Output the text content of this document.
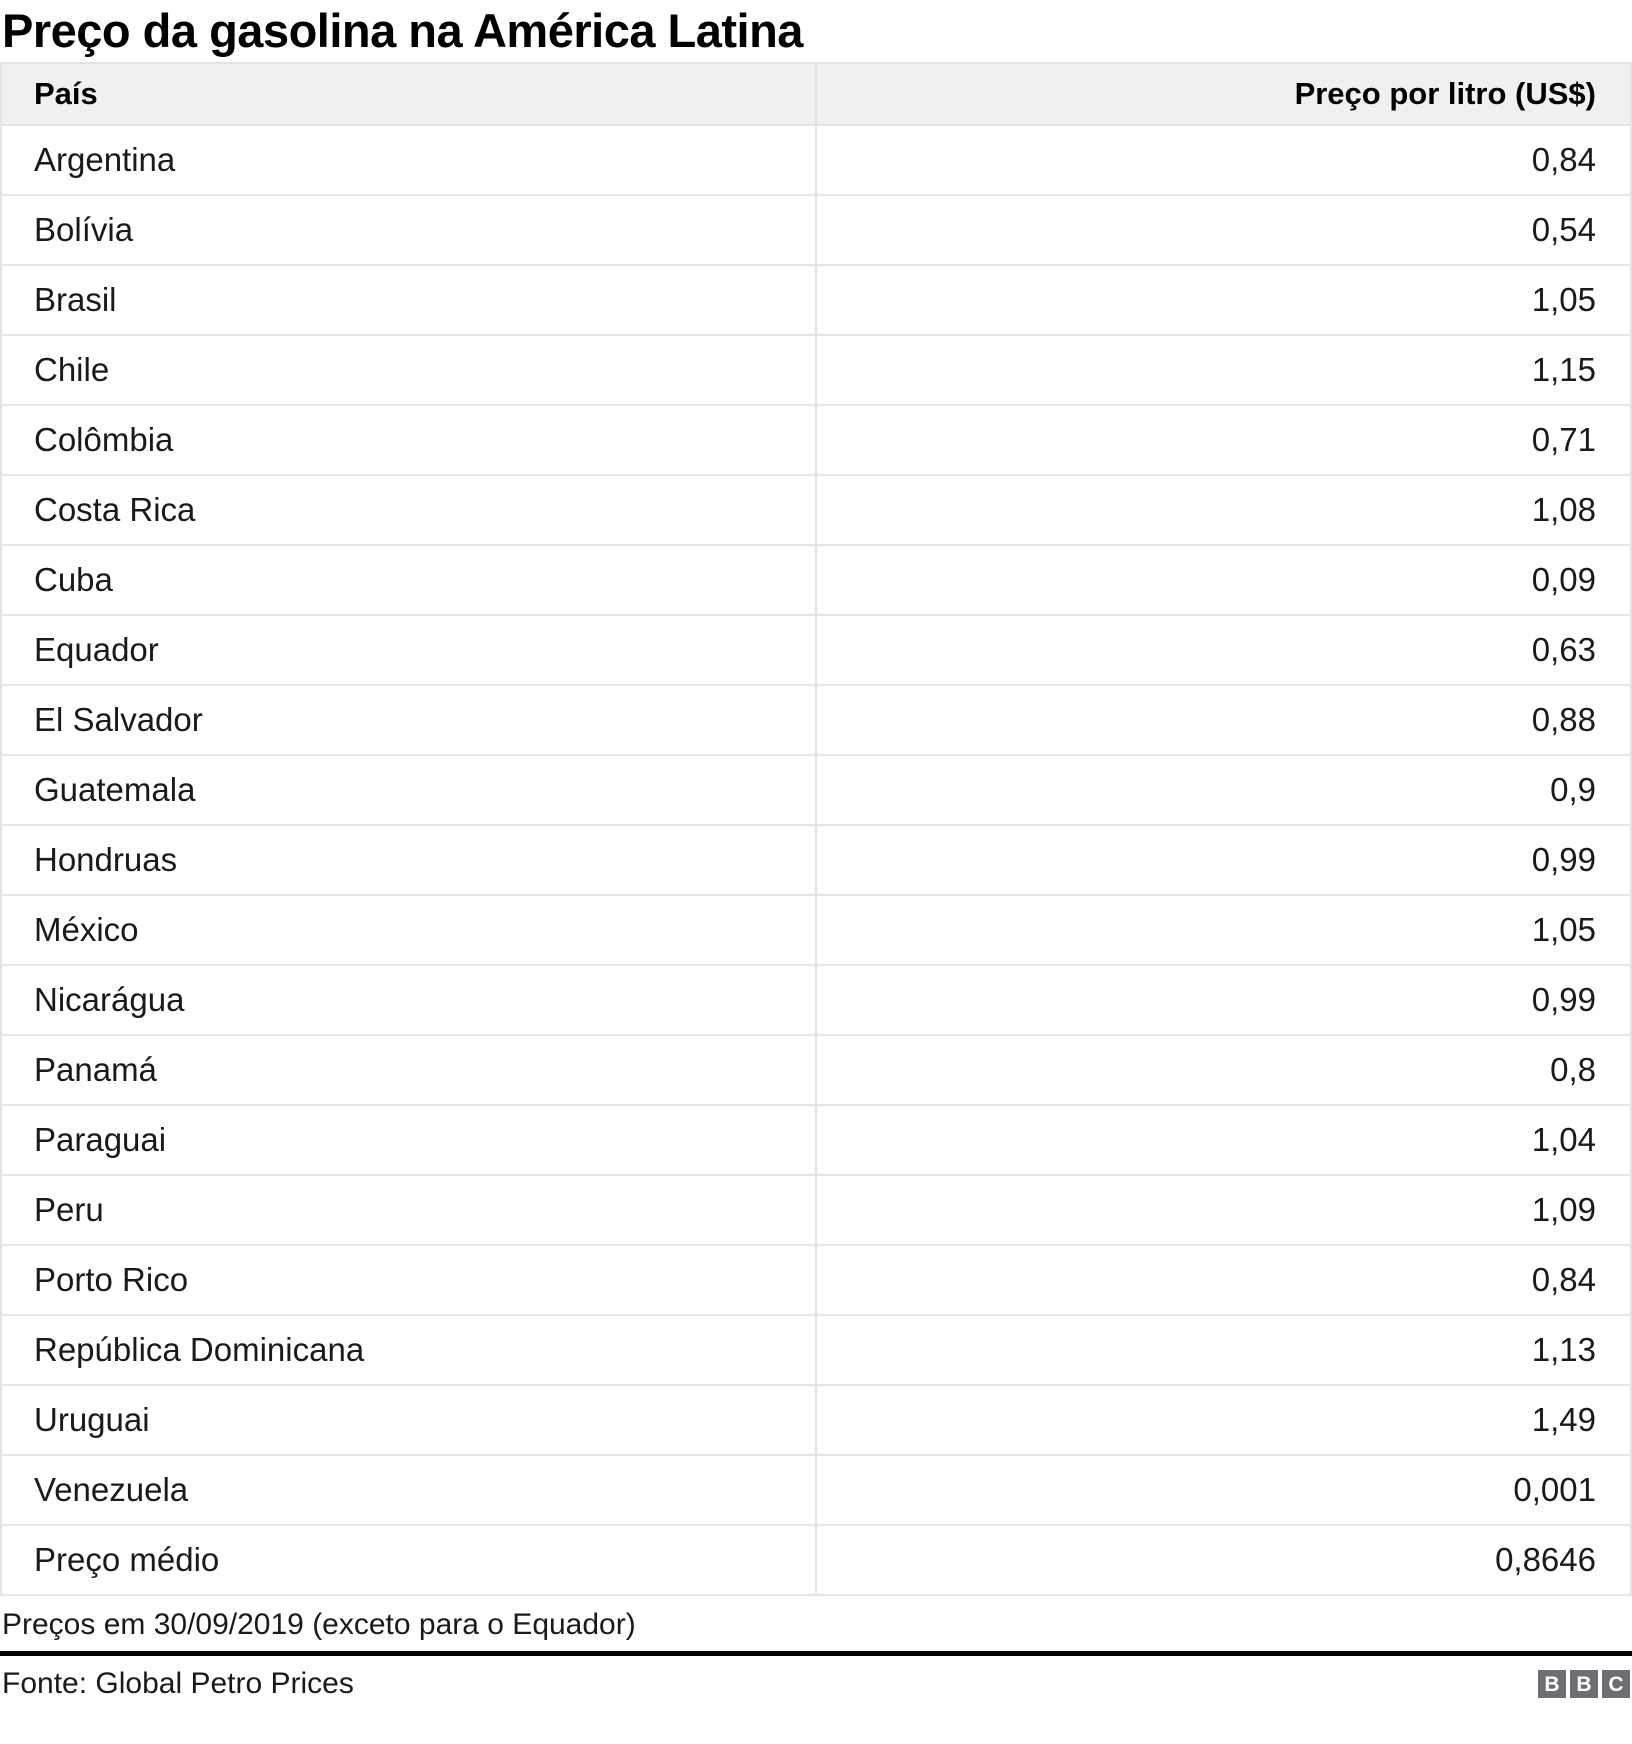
Preço da gasolina na América Latina
País	Preço por litro (US$)
Argentina	0,84
Bolívia	0,54
Brasil	1,05
Chile	1,15
Colômbia	0,71
Costa Rica	1,08
Cuba	0,09
Equador	0,63
El Salvador	0,88
Guatemala	0,9
Hondruas	0,99
México	1,05
Nicarágua	0,99
Panamá	0,8
Paraguai	1,04
Peru	1,09
Porto Rico	0,84
República Dominicana	1,13
Uruguai	1,49
Venezuela	0,001
Preço médio	0,8646
Preços em 30/09/2019 (exceto para o Equador)
Fonte: Global Petro Prices	B B C
